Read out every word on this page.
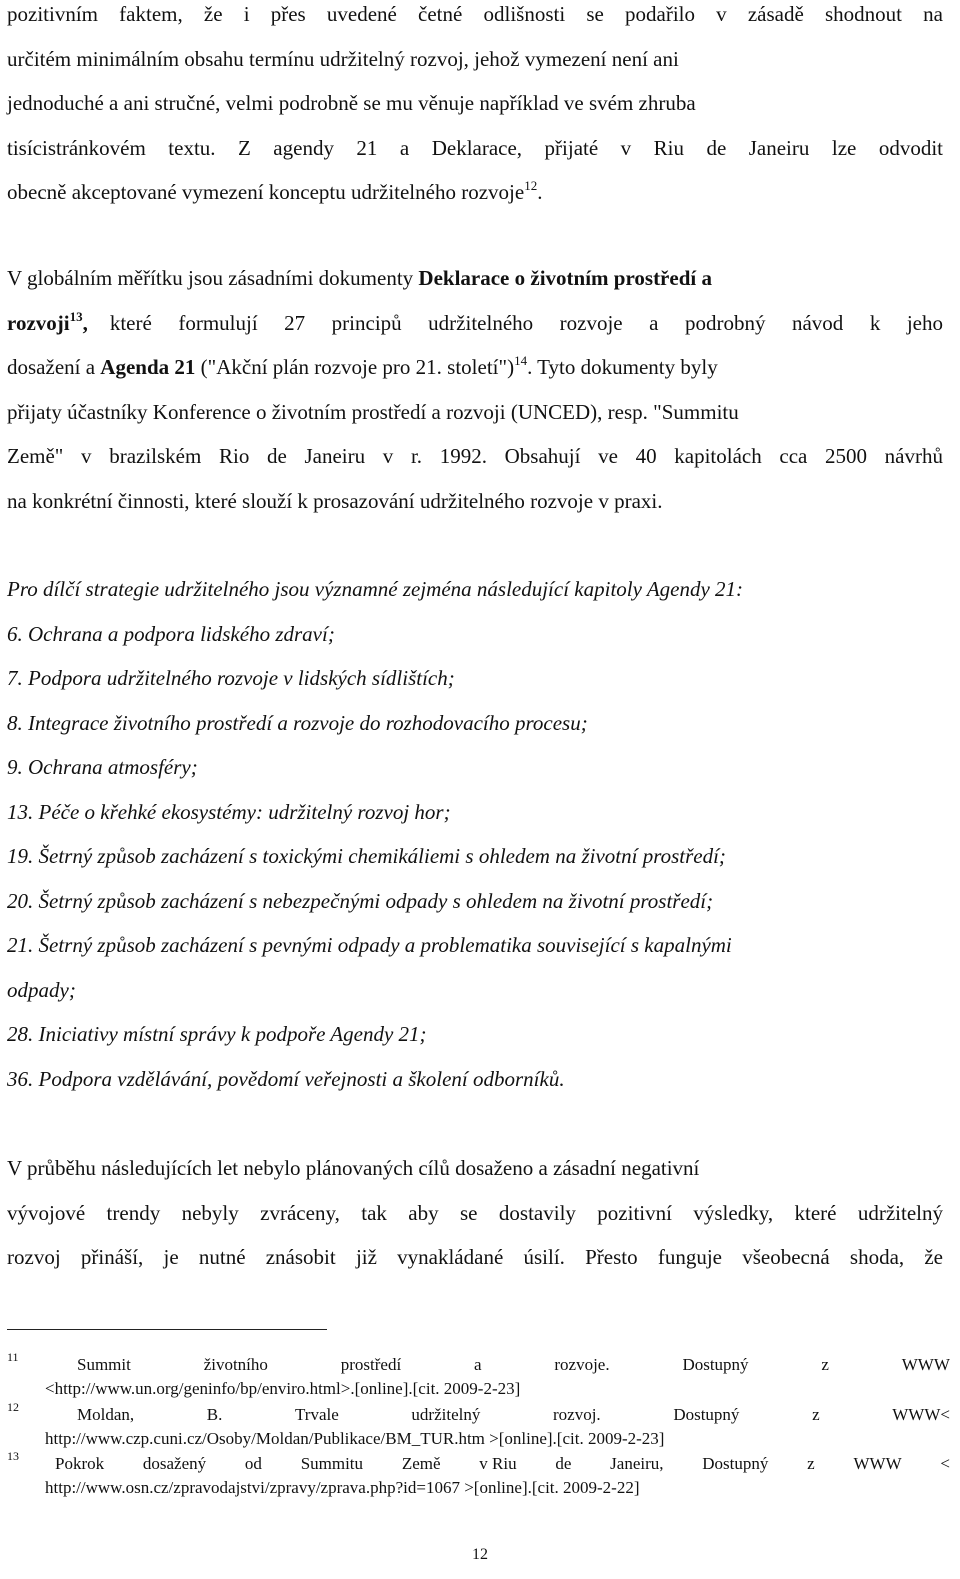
pozitivním faktem, že i přes uvedené četné odlišnosti se podařilo v zásadě shodnout na
určitém minimálním obsahu termínu udržitelný rozvoj, jehož vymezení není ani
jednoduché a ani stručné, velmi podrobně se mu věnuje například ve svém zhruba
tisícistránkovém textu. Z agendy 21 a Deklarace, přijaté v Riu de Janeiru lze odvodit
obecně akceptované vymezení konceptu udržitelného rozvoje$^{12}$.
V globálním měřítku jsou zásadními dokumenty Deklarace o životním prostředí a
rozvoji$^{13}$,	které formulují 27 principů udržitelného rozvoje a podrobný návod k jeho
dosažení a Agenda 21 ("Akční plán rozvoje pro 21. století")$^{14}$. Tyto dokumenty byly
přijaty účastníky Konference o životním prostředí a rozvoji (UNCED), resp. "Summitu
Země" v brazilském Rio de Janeiru v r. 1992. Obsahují ve 40 kapitolách cca 2500 návrhů
na konkrétní činnosti, které slouží k prosazování udržitelného rozvoje v praxi.
Pro dílčí strategie udržitelného jsou významné zejména následující kapitoly Agendy 21:
6. Ochrana a podpora lidského zdraví;
7. Podpora udržitelného rozvoje v lidských sídlištích;
8. Integrace životního prostředí a rozvoje do rozhodovacího procesu;
9. Ochrana atmosféry;
13. Péče o křehké ekosystémy: udržitelný rozvoj hor;
19. Šetrný způsob zacházení s toxickými chemikáliemi s ohledem na životní prostředí;
20. Šetrný způsob zacházení s nebezpečnými odpady s ohledem na životní prostředí;
21. Šetrný způsob zacházení s pevnými odpady a problematika související s kapalnými
odpady;
28. Iniciativy místní správy k podpoře Agendy 21;
36. Podpora vzdělávání, povědomí veřejnosti a školení odborníků.
V průběhu následujících let nebylo plánovaných cílů dosaženo a zásadní negativní
vývojové trendy nebyly zvráceny, tak aby se dostavily pozitivní výsledky, které udržitelný
rozvoj přináší, je nutné znásobit již vynakládané úsilí. Přesto funguje všeobecná shoda, že
11	Summit	životního	prostředí	a	rozvoje.	Dostupný	z	WWW
<http://www.un.org/geninfo/bp/enviro.html>.[online].[cit. 2009-2-23]
12	Moldan,	B.	Trvale	udržitelný	rozvoj.	Dostupný	z	WWW<
http://www.czp.cuni.cz/Osoby/Moldan/Publikace/BM_TUR.htm >[online].[cit. 2009-2-23]
13 Pokrok dosažený od Summitu Země v Riu de Janeiru, Dostupný z WWW <
http://www.osn.cz/zpravodajstvi/zpravy/zprava.php?id=1067 >[online].[cit. 2009-2-22]
12
